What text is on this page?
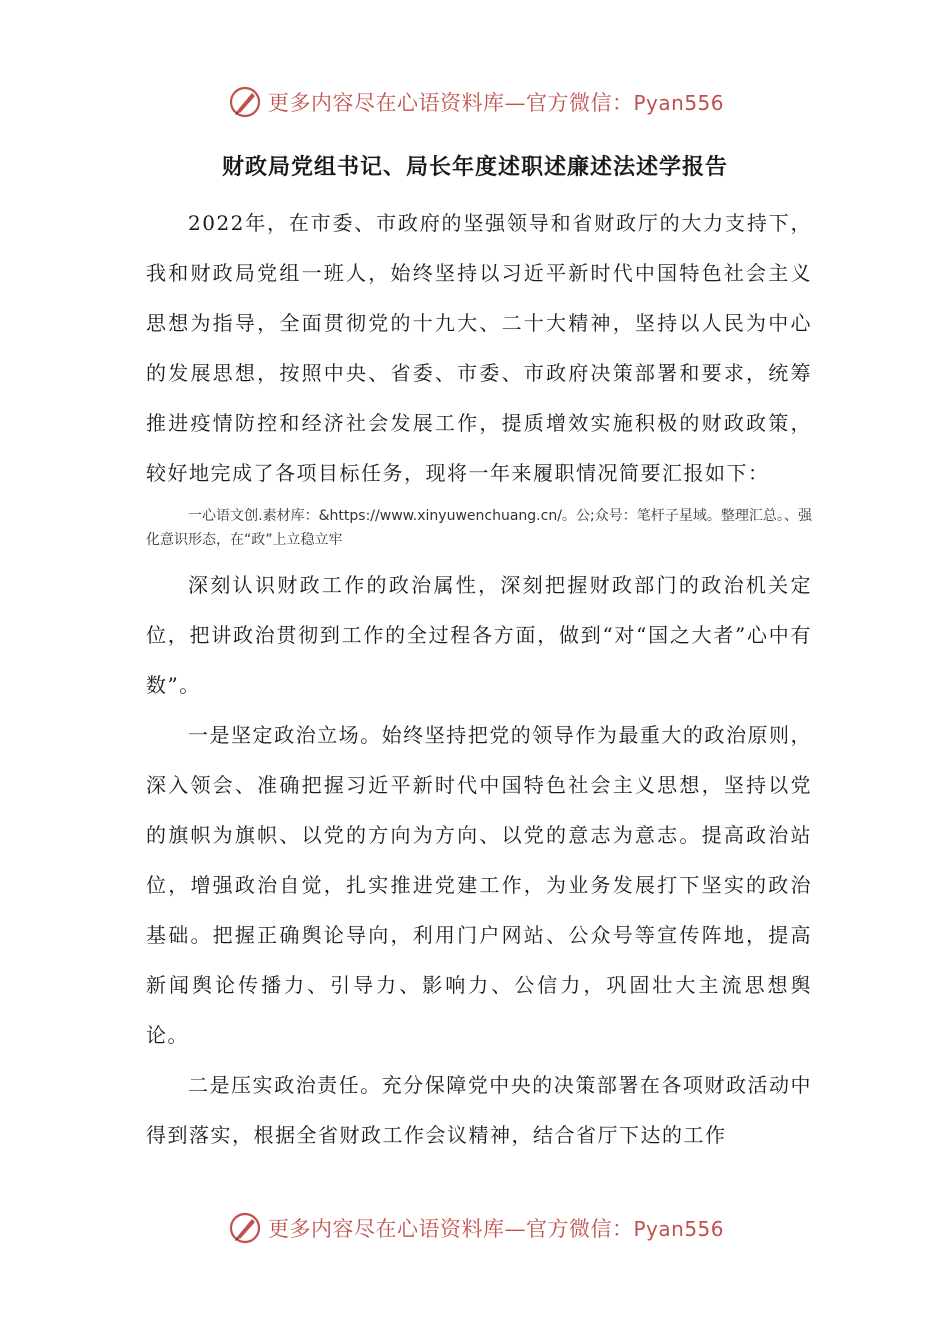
更多内容尽在心语资料库—官方微信：Pyan556
财政局党组书记、局长年度述职述廉述法述学报告

2022年，在市委、市政府的坚强领导和省财政厅的大力支持下，我和财政局党组一班人，始终坚持以习近平新时代中国特色社会主义思想为指导，全面贯彻党的十九大、二十大精神，坚持以人民为中心的发展思想，按照中央、省委、市委、市政府决策部署和要求，统筹推进疫情防控和经济社会发展工作，提质增效实施积极的财政政策，较好地完成了各项目标任务，现将一年来履职情况简要汇报如下：

一心语文创.素材库：&https://www.xinyuwenchuang.cn/。公;众号：笔杆子星域。整理汇总。、强化意识形态，在“政”上立稳立牢

深刻认识财政工作的政治属性，深刻把握财政部门的政治机关定位，把讲政治贯彻到工作的全过程各方面，做到“对“国之大者”心中有数”。

一是坚定政治立场。始终坚持把党的领导作为最重大的政治原则，深入领会、准确把握习近平新时代中国特色社会主义思想，坚持以党的旗帜为旗帜、以党的方向为方向、以党的意志为意志。提高政治站位，增强政治自觉，扎实推进党建工作，为业务发展打下坚实的政治基础。把握正确舆论导向，利用门户网站、公众号等宣传阵地，提高新闻舆论传播力、引导力、影响力、公信力，巩固壮大主流思想舆论。

二是压实政治责任。充分保障党中央的决策部署在各项财政活动中得到落实，根据全省财政工作会议精神，结合省厅下达的工作

更多内容尽在心语资料库—官方微信：Pyan556
